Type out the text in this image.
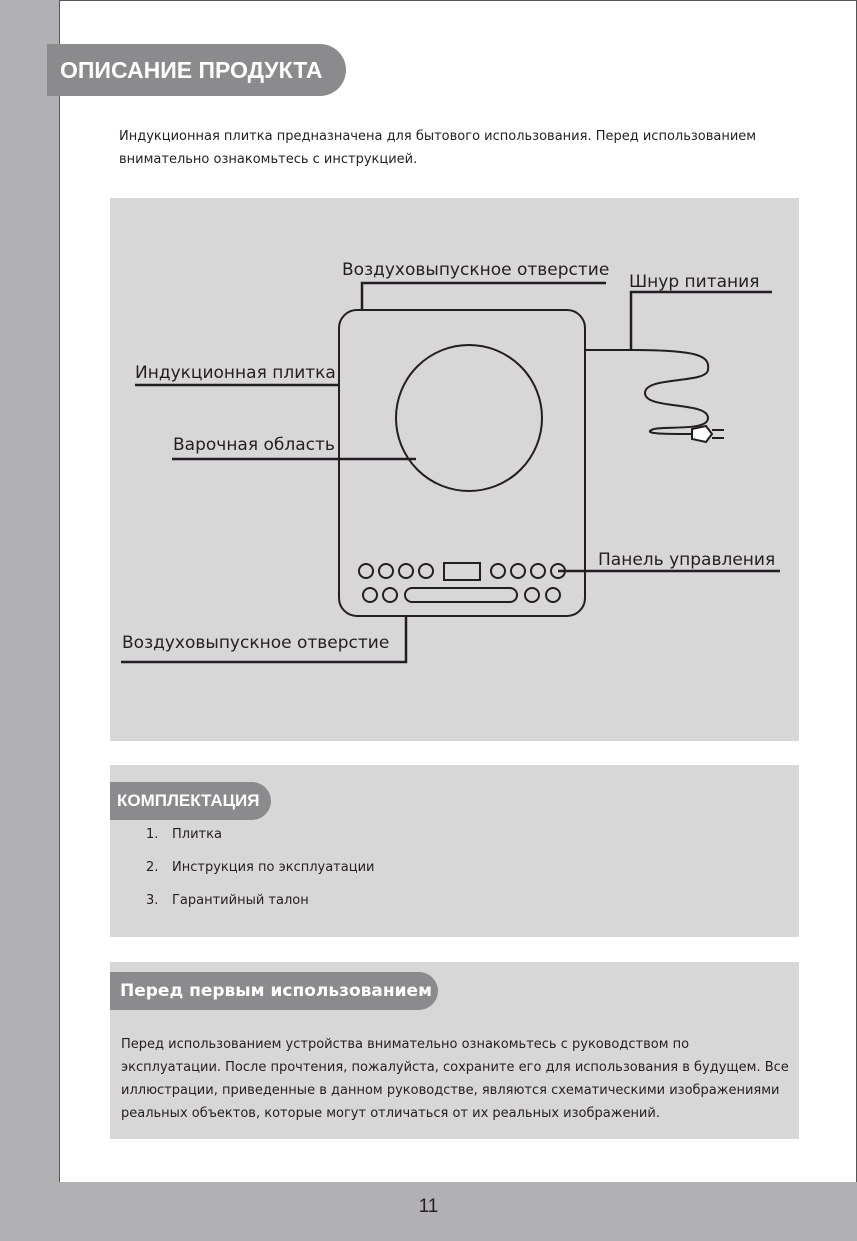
11
ОПИСАНИЕ ПРОДУКТА
Индукционная плитка предназначена для бытового использования. Перед использованием внимательно ознакомьтесь с инструкцией.
Воздуховыпускное отверстие
Шнур питания
Индукционная плитка
Варочная область
Панель управления
Воздуховыпускное отверстие
КОМПЛЕКТАЦИЯ
1.	Плитка
2.	Инструкция по эксплуатации
3.	Гарантийный талон
Перед первым использованием
Перед использованием устройства внимательно ознакомьтесь с руководством по эксплуатации. После прочтения, пожалуйста, сохраните его для использования в будущем. Все иллюстрации, приведенные в данном руководстве, являются схематическими изображениями реальных объектов, которые могут отличаться от их реальных изображений.
